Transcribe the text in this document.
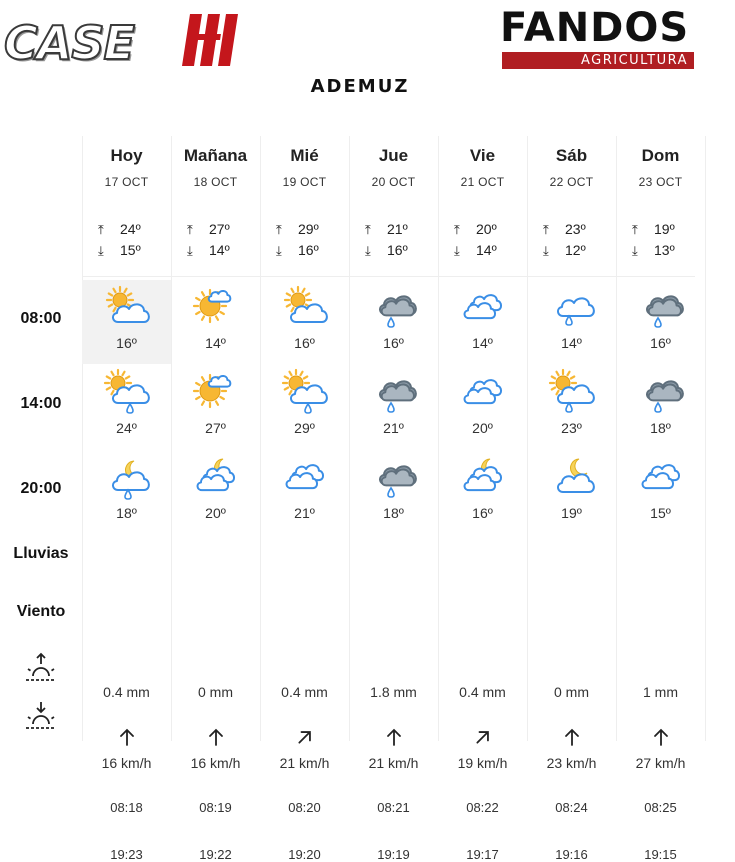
CASE	FANDOS
AGRICULTURA
ADEMUZ
08:00
14:00
20:00
Lluvias
Viento
Hoy
17 OCT
⤒ 24º
⤓ 15º
16º
24º
18º
0.4 mm
16 km/h
08:18
19:23
Mañana
18 OCT
⤒ 27º
⤓ 14º
14º
27º
20º
0 mm
16 km/h
08:19
19:22
Mié
19 OCT
⤒ 29º
⤓ 16º
16º
29º
21º
0.4 mm
21 km/h
08:20
19:20
Jue
20 OCT
⤒ 21º
⤓ 16º
16º
21º
18º
1.8 mm
21 km/h
08:21
19:19
Vie
21 OCT
⤒ 20º
⤓ 14º
14º
20º
16º
0.4 mm
19 km/h
08:22
19:17
Sáb
22 OCT
⤒ 23º
⤓ 12º
14º
23º
19º
0 mm
23 km/h
08:24
19:16
Dom
23 OCT
⤒ 19º
⤓ 13º
16º
18º
15º
1 mm
27 km/h
08:25
19:15
